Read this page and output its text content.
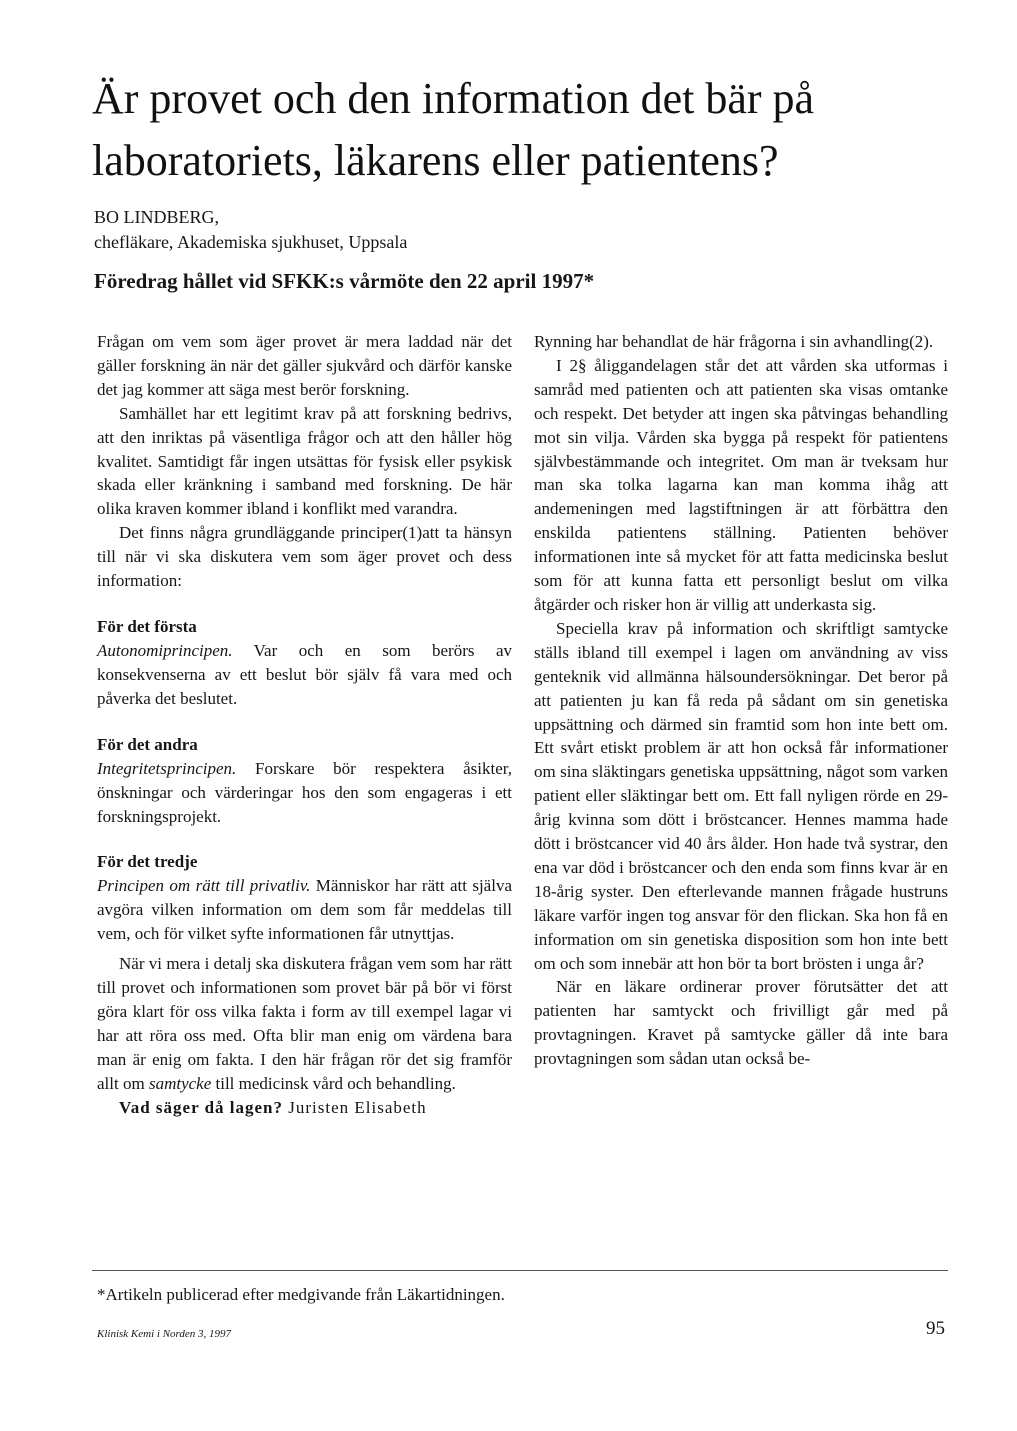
Är provet och den information det bär på laboratoriets, läkarens eller patientens?
BO LINDBERG,
chefläkare, Akademiska sjukhuset, Uppsala
Föredrag hållet vid SFKK:s vårmöte den 22 april 1997*

Frågan om vem som äger provet är mera laddad när det gäller forskning än när det gäller sjukvård och därför kanske det jag kommer att säga mest berör forskning.

Samhället har ett legitimt krav på att forskning bedrivs, att den inriktas på väsentliga frågor och att den håller hög kvalitet. Samtidigt får ingen utsättas för fysisk eller psykisk skada eller kränkning i samband med forskning. De här olika kraven kommer ibland i konflikt med varandra.

Det finns några grundläggande principer(1)att ta hänsyn till när vi ska diskutera vem som äger provet och dess information:

För det första

Autonomiprincipen. Var och en som berörs av konsekvenserna av ett beslut bör själv få vara med och påverka det beslutet.

För det andra

Integritetsprincipen. Forskare bör respektera åsikter, önskningar och värderingar hos den som engageras i ett forskningsprojekt.

För det tredje

Principen om rätt till privatliv. Människor har rätt att själva avgöra vilken information om dem som får meddelas till vem, och för vilket syfte informationen får utnyttjas.

När vi mera i detalj ska diskutera frågan vem som har rätt till provet och informationen som provet bär på bör vi först göra klart för oss vilka fakta i form av till exempel lagar vi har att röra oss med. Ofta blir man enig om värdena bara man är enig om fakta. I den här frågan rör det sig framför allt om samtycke till medicinsk vård och behandling.

Vad säger då lagen? Juristen Elisabeth

Rynning har behandlat de här frågorna i sin avhandling(2).

I 2§ åliggandelagen står det att vården ska utformas i samråd med patienten och att patienten ska visas omtanke och respekt. Det betyder att ingen ska påtvingas behandling mot sin vilja. Vården ska bygga på respekt för patientens självbestämmande och integritet. Om man är tveksam hur man ska tolka lagarna kan man komma ihåg att andemeningen med lagstiftningen är att förbättra den enskilda patientens ställning. Patienten behöver informationen inte så mycket för att fatta medicinska beslut som för att kunna fatta ett personligt beslut om vilka åtgärder och risker hon är villig att underkasta sig.

Speciella krav på information och skriftligt samtycke ställs ibland till exempel i lagen om användning av viss genteknik vid allmänna hälsoundersökningar. Det beror på att patienten ju kan få reda på sådant om sin genetiska uppsättning och därmed sin framtid som hon inte bett om. Ett svårt etiskt problem är att hon också får informationer om sina släktingars genetiska uppsättning, något som varken patient eller släktingar bett om. Ett fall nyligen rörde en 29-årig kvinna som dött i bröstcancer. Hennes mamma hade dött i bröstcancer vid 40 års ålder. Hon hade två systrar, den ena var död i bröstcancer och den enda som finns kvar är en 18-årig syster. Den efterlevande mannen frågade hustruns läkare varför ingen tog ansvar för den flickan. Ska hon få en information om sin genetiska disposition som hon inte bett om och som innebär att hon bör ta bort brösten i unga år?

När en läkare ordinerar prover förutsätter det att patienten har samtyckt och frivilligt går med på provtagningen. Kravet på samtycke gäller då inte bara provtagningen som sådan utan också be-

*Artikeln publicerad efter medgivande från Läkartidningen.
Klinisk Kemi i Norden 3, 1997	95
